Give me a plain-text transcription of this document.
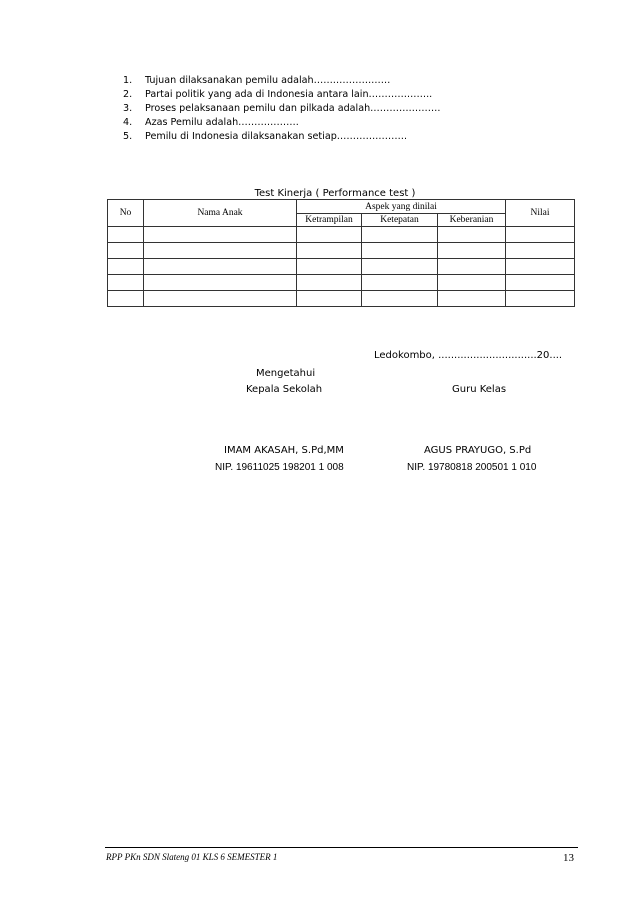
1. Tujuan dilaksanakan pemilu adalah……………………
2. Partai politik yang ada di Indonesia antara lain………………..
3. Proses pelaksanaan pemilu dan pilkada adalah………………….
4. Azas Pemilu adalah……………….
5. Pemilu di Indonesia dilaksanakan setiap………………….
Test Kinerja ( Performance test )
No	Nama Anak	Aspek yang dinilai			Nilai
		Ketrampilan	Ketepatan	Keberanian	

Ledokombo, ...............................20....
Mengetahui
Kepala Sekolah	Guru Kelas
IMAM AKASAH, S.Pd,MM
NIP. 19611025 198201 1 008
AGUS PRAYUGO, S.Pd
NIP. 19780818 200501 1 010
RPP PKn SDN Slateng 01 KLS 6 SEMESTER 1	13
